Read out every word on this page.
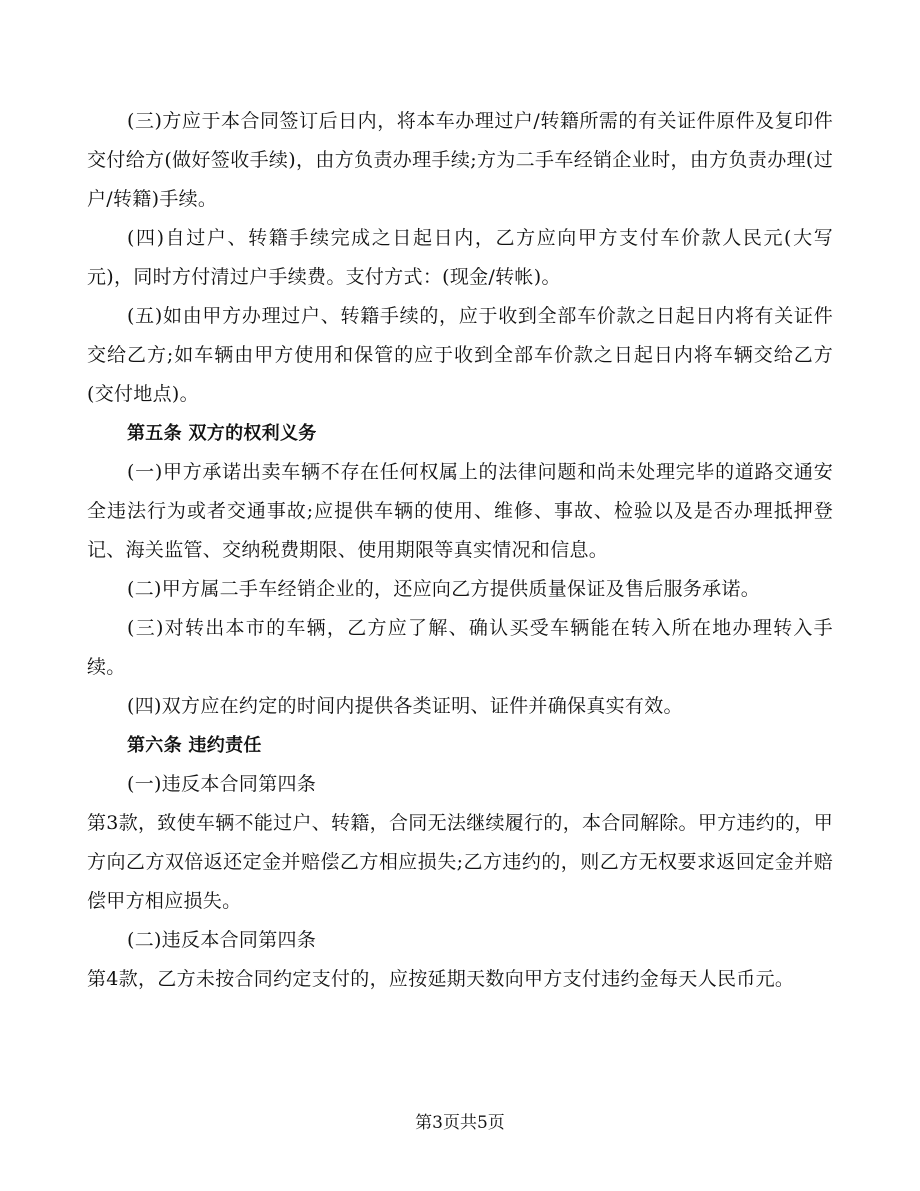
(三)方应于本合同签订后日内，将本车办理过户/转籍所需的有关证件原件及复印件交付给方(做好签收手续)，由方负责办理手续;方为二手车经销企业时，由方负责办理(过户/转籍)手续。

(四)自过户、转籍手续完成之日起日内，乙方应向甲方支付车价款人民元(大写元)，同时方付清过户手续费。支付方式：(现金/转帐)。

(五)如由甲方办理过户、转籍手续的，应于收到全部车价款之日起日内将有关证件交给乙方;如车辆由甲方使用和保管的应于收到全部车价款之日起日内将车辆交给乙方(交付地点)。

第五条 双方的权利义务

(一)甲方承诺出卖车辆不存在任何权属上的法律问题和尚未处理完毕的道路交通安全违法行为或者交通事故;应提供车辆的使用、维修、事故、检验以及是否办理抵押登记、海关监管、交纳税费期限、使用期限等真实情况和信息。

(二)甲方属二手车经销企业的，还应向乙方提供质量保证及售后服务承诺。

(三)对转出本市的车辆，乙方应了解、确认买受车辆能在转入所在地办理转入手续。

(四)双方应在约定的时间内提供各类证明、证件并确保真实有效。

第六条 违约责任

(一)违反本合同第四条

第3款，致使车辆不能过户、转籍，合同无法继续履行的，本合同解除。甲方违约的，甲方向乙方双倍返还定金并赔偿乙方相应损失;乙方违约的，则乙方无权要求返回定金并赔偿甲方相应损失。

(二)违反本合同第四条

第4款，乙方未按合同约定支付的，应按延期天数向甲方支付违约金每天人民币元。

第3页共5页
